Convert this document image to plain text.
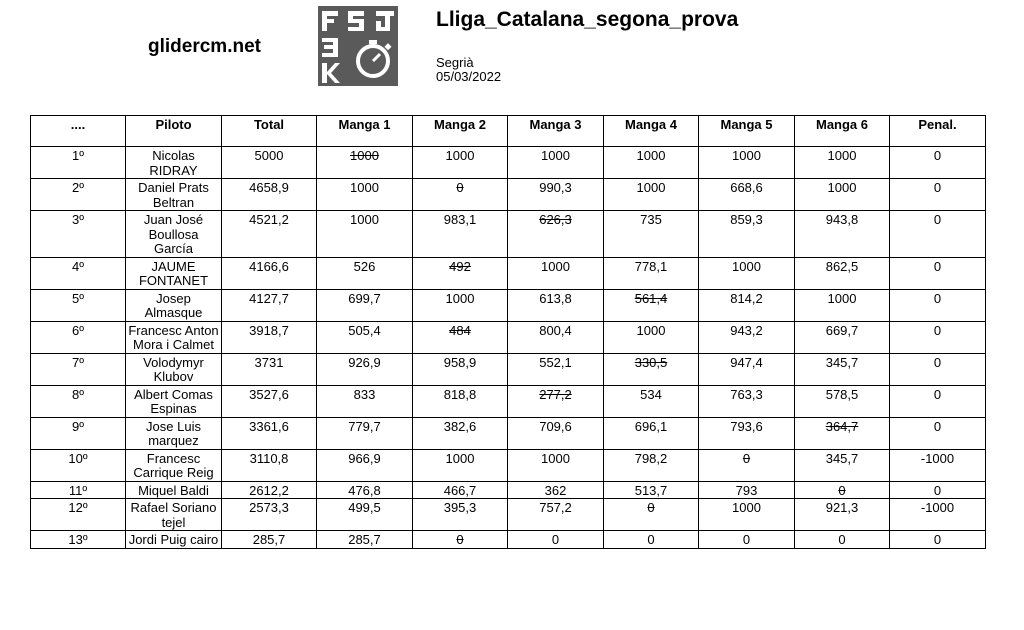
glidercm.net
Lliga_Catalana_segona_prova
Segrià
05/03/2022
....	Piloto	Total	Manga 1	Manga 2	Manga 3	Manga 4	Manga 5	Manga 6	Penal.
1º	Nicolas RIDRAY	5000	1000	1000	1000	1000	1000	1000	0
2º	Daniel Prats Beltran	4658,9	1000	0	990,3	1000	668,6	1000	0
3º	Juan José Boullosa García	4521,2	1000	983,1	626,3	735	859,3	943,8	0
4º	JAUME FONTANET	4166,6	526	492	1000	778,1	1000	862,5	0
5º	Josep Almasque	4127,7	699,7	1000	613,8	561,4	814,2	1000	0
6º	Francesc Anton Mora i Calmet	3918,7	505,4	484	800,4	1000	943,2	669,7	0
7º	Volodymyr Klubov	3731	926,9	958,9	552,1	330,5	947,4	345,7	0
8º	Albert Comas Espinas	3527,6	833	818,8	277,2	534	763,3	578,5	0
9º	Jose Luis marquez	3361,6	779,7	382,6	709,6	696,1	793,6	364,7	0
10º	Francesc Carrique Reig	3110,8	966,9	1000	1000	798,2	0	345,7	-1000
11º	Miquel Baldi	2612,2	476,8	466,7	362	513,7	793	0	0
12º	Rafael Soriano tejel	2573,3	499,5	395,3	757,2	0	1000	921,3	-1000
13º	Jordi Puig cairo	285,7	285,7	0	0	0	0	0	0
